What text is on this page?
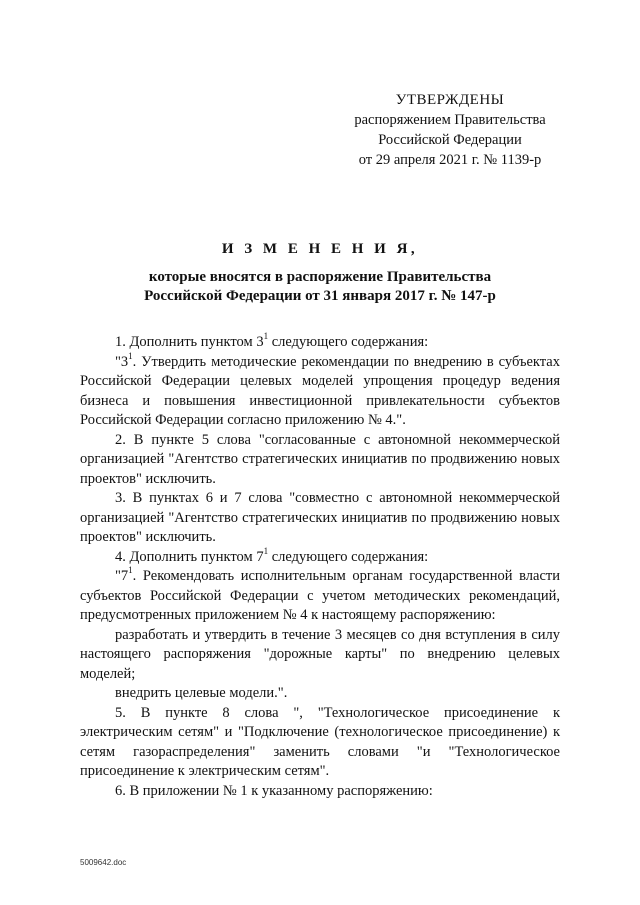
УТВЕРЖДЕНЫ
распоряжением Правительства
Российской Федерации
от 29 апреля 2021 г. № 1139-р
И З М Е Н Е Н И Я,
которые вносятся в распоряжение Правительства
Российской Федерации от 31 января 2017 г. № 147-р

1. Дополнить пунктом $3^1$ следующего содержания:

"$3^1$. Утвердить методические рекомендации по внедрению в субъектах Российской Федерации целевых моделей упрощения процедур ведения бизнеса и повышения инвестиционной привлекательности субъектов Российской Федерации согласно приложению № 4.".

2. В пункте 5 слова "согласованные с автономной некоммерческой организацией "Агентство стратегических инициатив по продвижению новых проектов" исключить.

3. В пунктах 6 и 7 слова "совместно с автономной некоммерческой организацией "Агентство стратегических инициатив по продвижению новых проектов" исключить.

4. Дополнить пунктом $7^1$ следующего содержания:

"$7^1$. Рекомендовать исполнительным органам государственной власти субъектов Российской Федерации с учетом методических рекомендаций, предусмотренных приложением № 4 к настоящему распоряжению:

разработать и утвердить в течение 3 месяцев со дня вступления в силу настоящего распоряжения "дорожные карты" по внедрению целевых моделей;

внедрить целевые модели.".

5. В пункте 8 слова ", "Технологическое присоединение к электрическим сетям" и "Подключение (технологическое присоединение) к сетям газораспределения" заменить словами "и "Технологическое присоединение к электрическим сетям".

6. В приложении № 1 к указанному распоряжению:

5009642.doc
